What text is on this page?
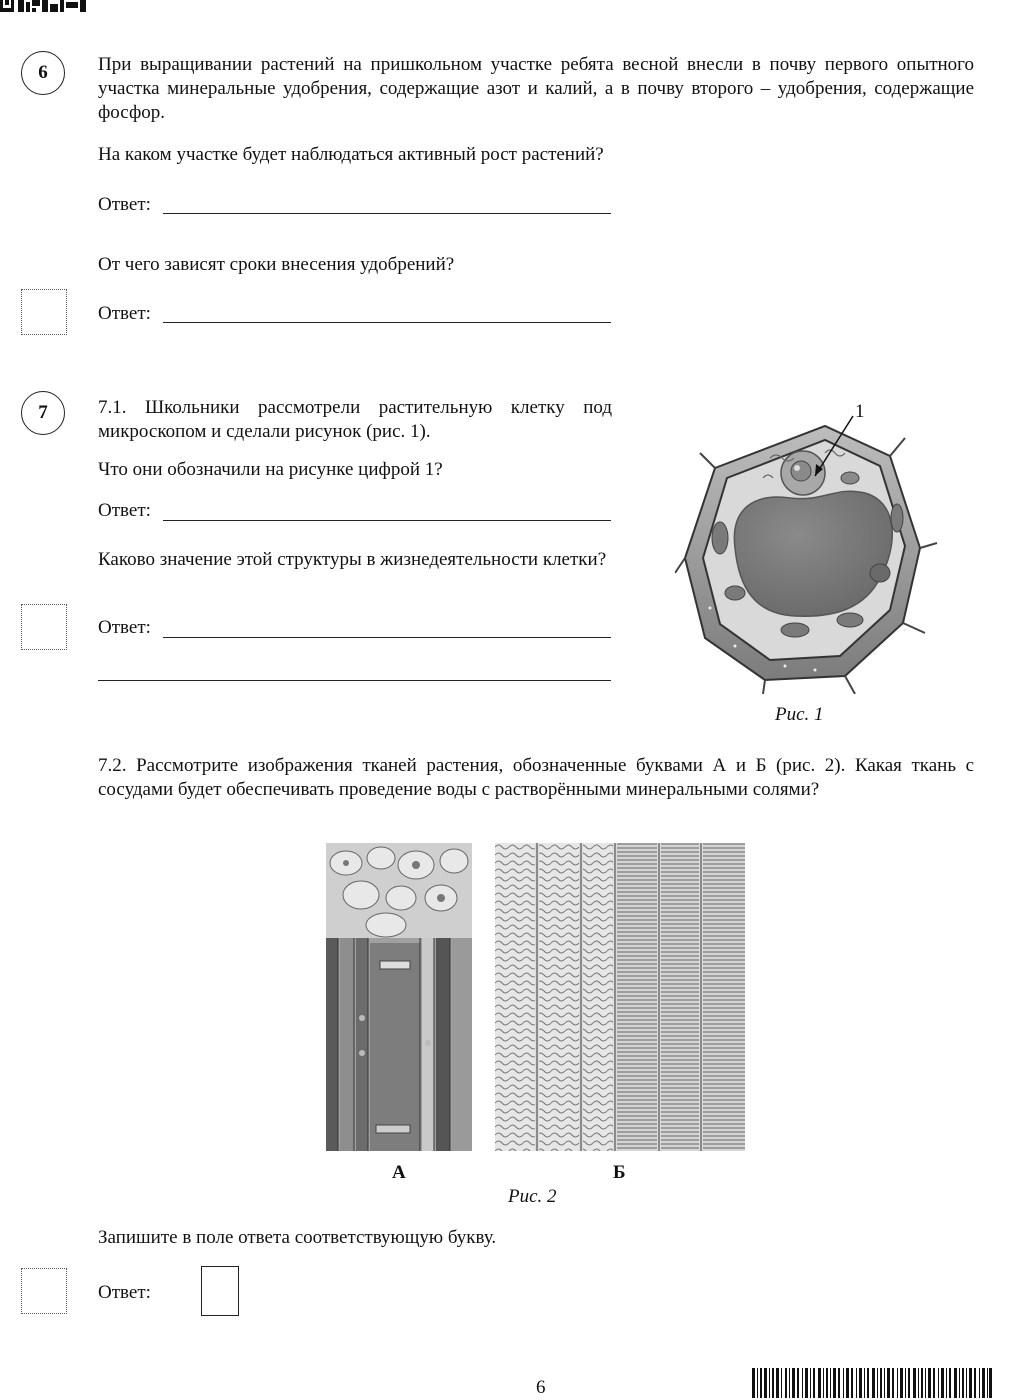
6	При выращивании растений на пришкольном участке ребята весной внесли в почву первого опытного участка минеральные удобрения, содержащие азот и калий, а в почву второго – удобрения, содержащие фосфор.
На каком участке будет наблюдаться активный рост растений?
Ответ:
От чего зависят сроки внесения удобрений?
Ответ:
7	7.1. Школьники рассмотрели растительную клетку под микроскопом и сделали рисунок (рис. 1).
Что они обозначили на рисунке цифрой 1?
Ответ:
Каково значение этой структуры в жизнедеятельности клетки?
Ответ:
1
Рис. 1
7.2. Рассмотрите изображения тканей растения, обозначенные буквами А и Б (рис. 2). Какая ткань с сосудами будет обеспечивать проведение воды с растворёнными минеральными солями?
А	Б
Рис. 2
Запишите в поле ответа соответствующую букву.
Ответ:
6
